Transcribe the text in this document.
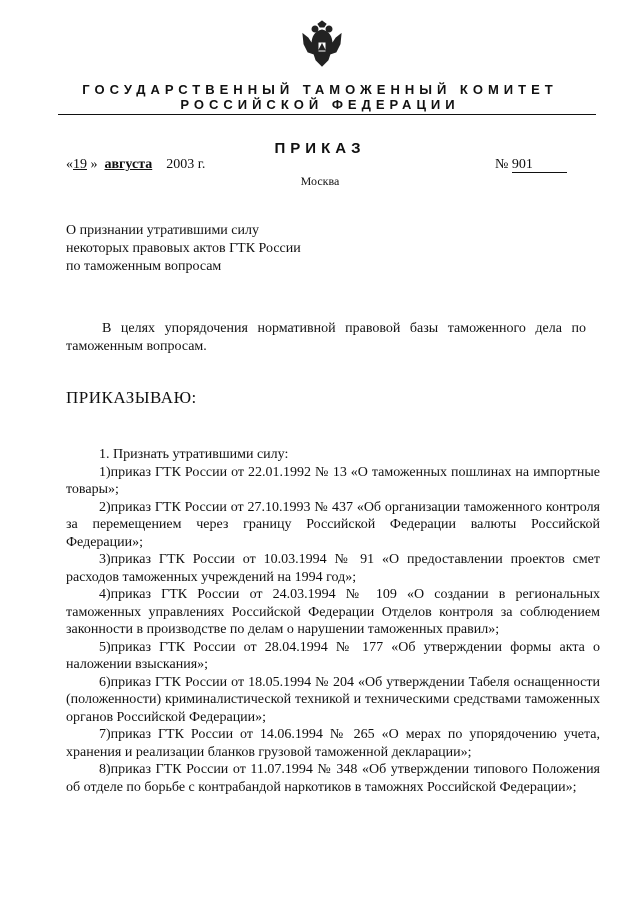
ГОСУДАРСТВЕННЫЙ ТАМОЖЕННЫЙ КОМИТЕТ
РОССИЙСКОЙ ФЕДЕРАЦИИ
ПРИКАЗ
«19 » августа 2003 г.	№ 901
Москва
О признании утратившими силу
некоторых правовых актов ГТК России
по таможенным вопросам
В целях упорядочения нормативной правовой базы таможенного дела по таможенным вопросам.
ПРИКАЗЫВАЮ:

1. Признать утратившими силу:

1)приказ ГТК России от 22.01.1992 № 13 «О таможенных пошлинах на импортные товары»;

2)приказ ГТК России от 27.10.1993 № 437 «Об организации таможенного контроля за перемещением через границу Российской Федерации валюты Российской Федерации»;

3)приказ ГТК России от 10.03.1994 № 91 «О предоставлении проектов смет расходов таможенных учреждений на 1994 год»;

4)приказ ГТК России от 24.03.1994 № 109 «О создании в региональных таможенных управлениях Российской Федерации Отделов контроля за соблюдением законности в производстве по делам о нарушении таможенных правил»;

5)приказ ГТК России от 28.04.1994 № 177 «Об утверждении формы акта о наложении взыскания»;

6)приказ ГТК России от 18.05.1994 № 204 «Об утверждении Табеля оснащенности (положенности) криминалистической техникой и техническими средствами таможенных органов Российской Федерации»;

7)приказ ГТК России от 14.06.1994 № 265 «О мерах по упорядочению учета, хранения и реализации бланков грузовой таможенной декларации»;

8)приказ ГТК России от 11.07.1994 № 348 «Об утверждении типового Положения об отделе по борьбе с контрабандой наркотиков в таможнях Российской Федерации»;
